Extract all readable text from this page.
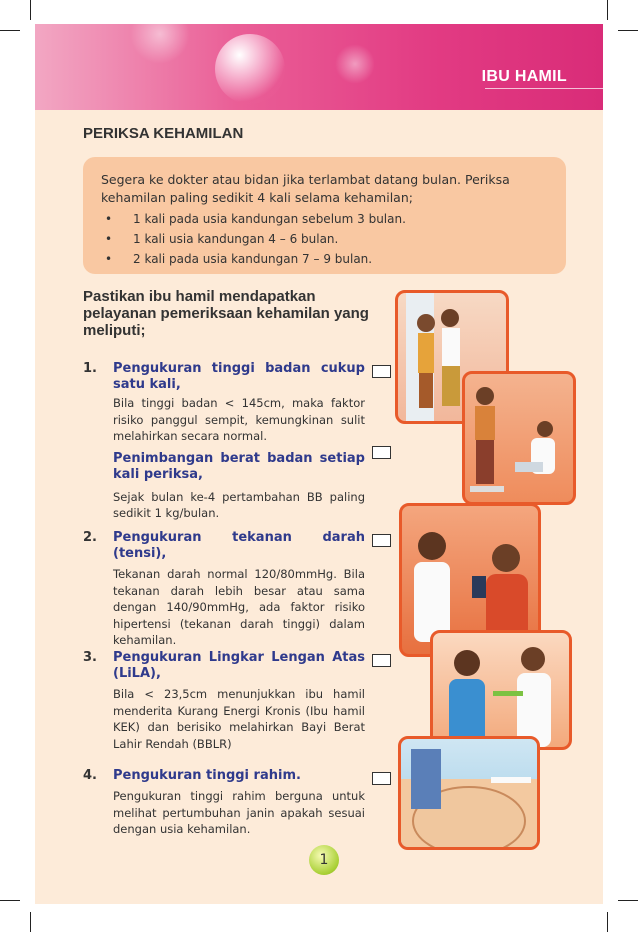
IBU HAMIL
PERIKSA KEHAMILAN

Segera ke dokter atau bidan jika terlambat datang bulan. Periksa kehamilan paling sedikit 4 kali selama kehamilan;

• 1 kali pada usia kandungan sebelum 3 bulan.
• 1 kali usia kandungan 4 – 6 bulan.
• 2 kali pada usia kandungan 7 – 9 bulan.
Pastikan ibu hamil mendapatkan pelayanan pemeriksaan kehamilan yang meliputi;
1. Pengukuran tinggi badan cukup satu kali,
Bila tinggi badan < 145cm, maka faktor risiko panggul sempit, kemungkinan sulit melahirkan secara normal.
Penimbangan berat badan setiap kali periksa,
Sejak bulan ke-4 pertambahan BB paling sedikit 1 kg/bulan.
2. Pengukuran tekanan darah (tensi),
Tekanan darah normal 120/80mmHg. Bila tekanan darah lebih besar atau sama dengan 140/90mmHg, ada faktor risiko hipertensi (tekanan darah tinggi) dalam kehamilan.
3. Pengukuran Lingkar Lengan Atas (LiLA),
Bila < 23,5cm menunjukkan ibu hamil menderita Kurang Energi Kronis (Ibu hamil KEK) dan berisiko melahirkan Bayi Berat Lahir Rendah (BBLR)
4. Pengukuran tinggi rahim.
Pengukuran tinggi rahim berguna untuk melihat pertumbuhan janin apakah sesuai dengan usia kehamilan.
1
